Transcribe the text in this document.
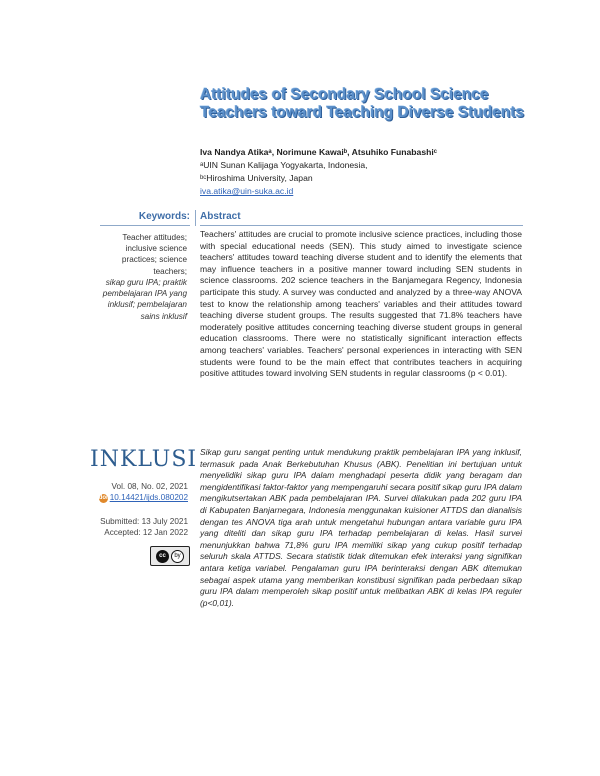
Attitudes of Secondary School Science
Teachers toward Teaching Diverse Students
Iva Nandya Atikaᵃ, Norimune Kawaiᵇ, Atsuhiko Funabashiᶜ
ᵃUIN Sunan Kalijaga Yogyakarta, Indonesia,
ᵇᶜHiroshima University, Japan
iva.atika@uin-suka.ac.id
Keywords: Abstract
Teacher attitudes;
inclusive science
practices; science
teachers;
sikap guru IPA; praktik
pembelajaran IPA yang
inklusif; pembelajaran
sains inklusif
Teachers' attitudes are crucial to promote inclusive science practices, including those with special educational needs (SEN). This study aimed to investigate science teachers' attitudes toward teaching diverse student and to identify the elements that may influence teachers in a positive manner toward including SEN students in science classrooms. 202 science teachers in the Banjamegara Regency, Indonesia participate this study. A survey was conducted and analyzed by a three-way ANOVA test to know the relationship among teachers' variables and their attitudes toward teaching diverse student groups. The results suggested that 71.8% teachers have moderately positive attitudes concerning teaching diverse student groups in general education classrooms. There were no statistically significant interaction effects among teachers' variables. Teachers' personal experiences in interacting with SEN students were found to be the main effect that contributes teachers in acquiring positive attitudes toward involving SEN students in regular classrooms (p < 0.01).
INKLUSI
Vol. 08, No. 02, 2021
doi 10.14421/ijds.080202
Submitted: 13 July 2021
Accepted: 12 Jan 2022
cc	by
Sikap guru sangat penting untuk mendukung praktik pembelajaran IPA yang inklusif, termasuk pada Anak Berkebutuhan Khusus (ABK). Penelitian ini bertujuan untuk menyelidiki sikap guru IPA dalam menghadapi peserta didik yang beragam dan mengidentifikasi faktor-faktor yang mempengaruhi secara positif sikap guru IPA dalam mengikutsertakan ABK pada pembelajaran IPA. Survei dilakukan pada 202 guru IPA di Kabupaten Banjarnegara, Indonesia menggunakan kuisioner ATTDS dan dianalisis dengan tes ANOVA tiga arah untuk mengetahui hubungan antara variable guru IPA yang diteliti dan sikap guru IPA terhadap pembelajaran di kelas. Hasil survei menunjukkan bahwa 71,8% guru IPA memiliki sikap yang cukup positif terhadap seluruh skala ATTDS. Secara statistik tidak ditemukan efek interaksi yang signifikan antara ketiga variabel. Pengalaman guru IPA berinteraksi dengan ABK ditemukan sebagai aspek utama yang memberikan konstibusi signifikan pada perbedaan sikap guru IPA dalam memperoleh sikap positif untuk melibatkan ABK di kelas IPA reguler (p<0,01).
